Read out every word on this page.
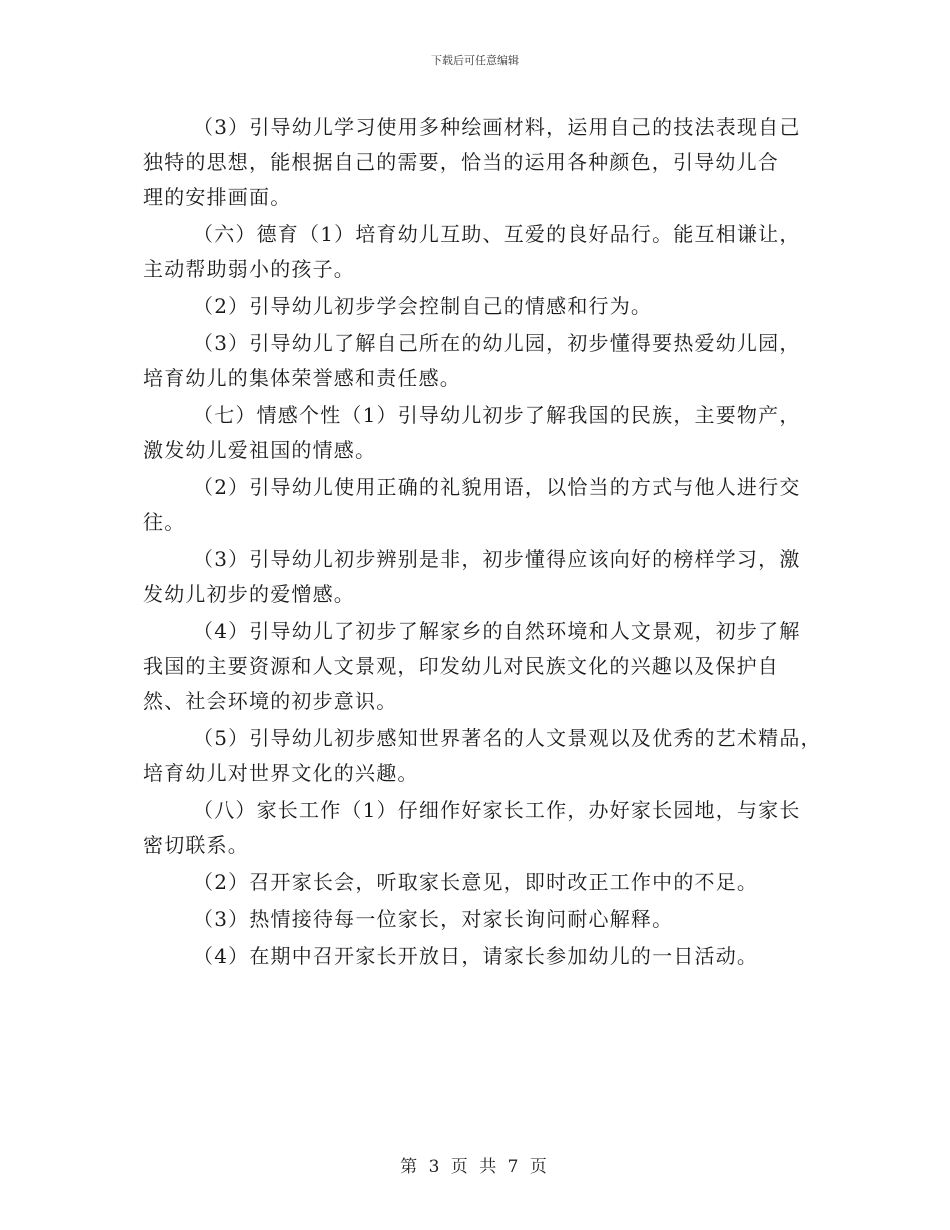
下载后可任意编辑
（3）引导幼儿学习使用多种绘画材料，运用自己的技法表现自己
独特的思想，能根据自己的需要，恰当的运用各种颜色，引导幼儿合
理的安排画面。
（六）德育（1）培育幼儿互助、互爱的良好品行。能互相谦让，
主动帮助弱小的孩子。
（2）引导幼儿初步学会控制自己的情感和行为。
（3）引导幼儿了解自己所在的幼儿园，初步懂得要热爱幼儿园，
培育幼儿的集体荣誉感和责任感。
（七）情感个性（1）引导幼儿初步了解我国的民族，主要物产，
激发幼儿爱祖国的情感。
（2）引导幼儿使用正确的礼貌用语，以恰当的方式与他人进行交
往。
（3）引导幼儿初步辨别是非，初步懂得应该向好的榜样学习，激
发幼儿初步的爱憎感。
（4）引导幼儿了初步了解家乡的自然环境和人文景观，初步了解
我国的主要资源和人文景观，印发幼儿对民族文化的兴趣以及保护自
然、社会环境的初步意识。
（5）引导幼儿初步感知世界著名的人文景观以及优秀的艺术精品，
培育幼儿对世界文化的兴趣。
（八）家长工作（1）仔细作好家长工作，办好家长园地，与家长
密切联系。
（2）召开家长会，听取家长意见，即时改正工作中的不足。
（3）热情接待每一位家长，对家长询问耐心解释。
（4）在期中召开家长开放日，请家长参加幼儿的一日活动。
第 3 页 共 7 页
